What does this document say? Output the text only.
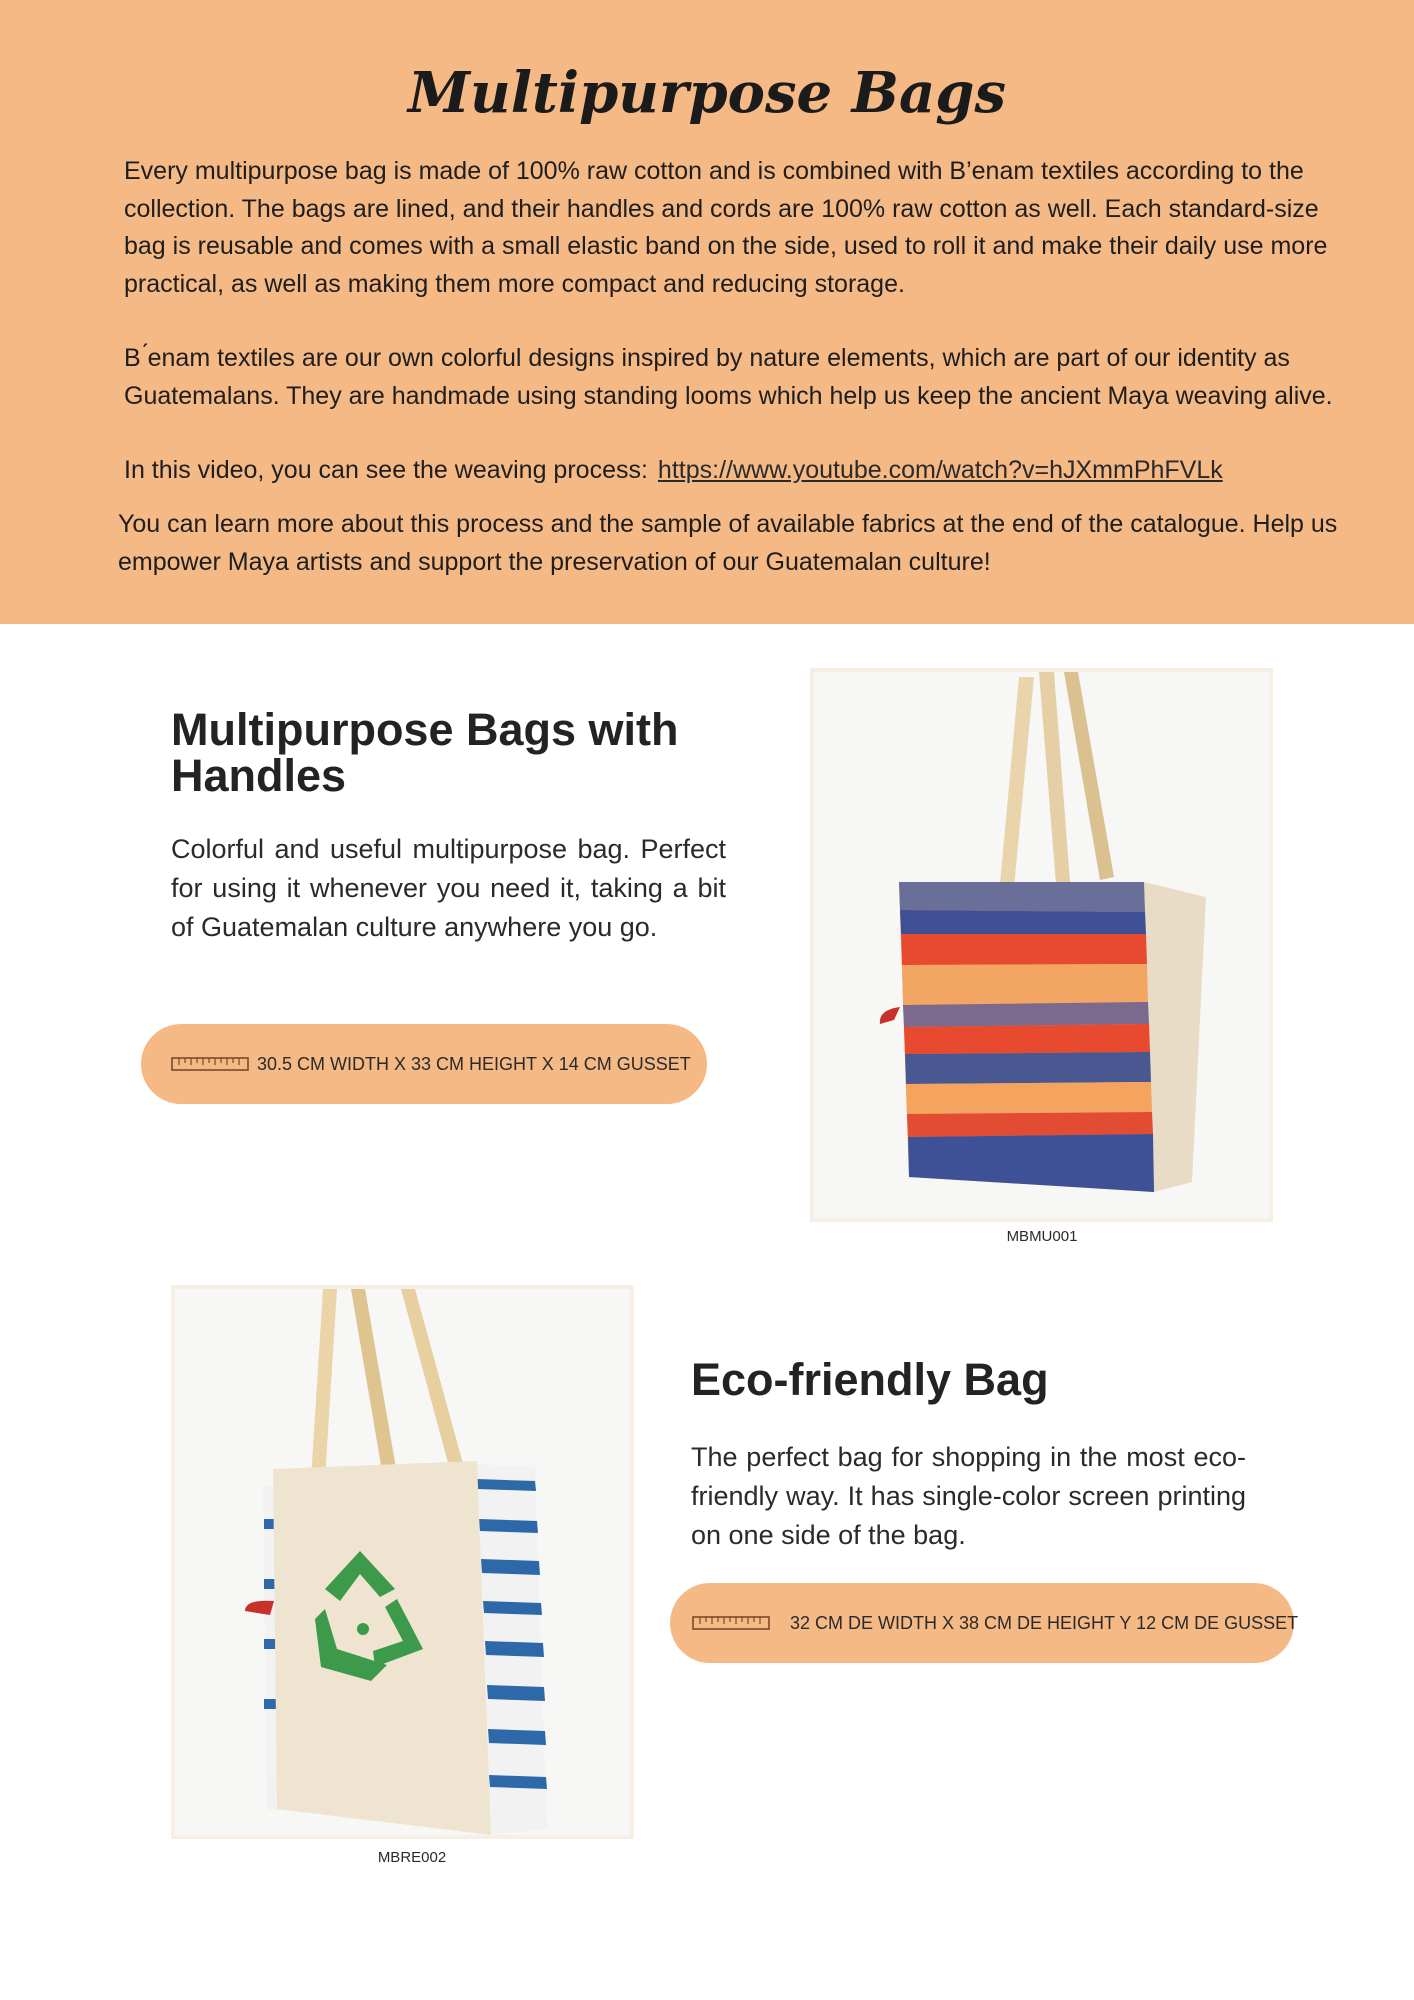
Multipurpose Bags

Every multipurpose bag is made of 100% raw cotton and is combined with B’enam textiles according to the collection. The bags are lined, and their handles and cords are 100% raw cotton as well. Each standard-size bag is reusable and comes with a small elastic band on the side, used to roll it and make their daily use more practical, as well as making them more compact and reducing storage.

B ́enam textiles are our own colorful designs inspired by nature elements, which are part of our identity as Guatemalans. They are handmade using standing looms which help us keep the ancient Maya weaving alive.

In this video, you can see the weaving process: https://www.youtube.com/watch?v=hJXmmPhFVLk

You can learn more about this process and the sample of available fabrics at the end of the catalogue. Help us empower Maya artists and support the preservation of our Guatemalan culture!

Multipurpose Bags with Handles

Colorful and useful multipurpose bag. Perfect for using it whenever you need it, taking a bit of Guatemalan culture anywhere you go.

30.5 CM WIDTH X 33 CM HEIGHT X 14 CM GUSSET
MBMU001
MBRE002
Eco-friendly Bag

The perfect bag for shopping in the most eco-friendly way. It has single-color screen printing on one side of the bag.

32 CM DE WIDTH X 38 CM DE HEIGHT Y 12 CM DE GUSSET
